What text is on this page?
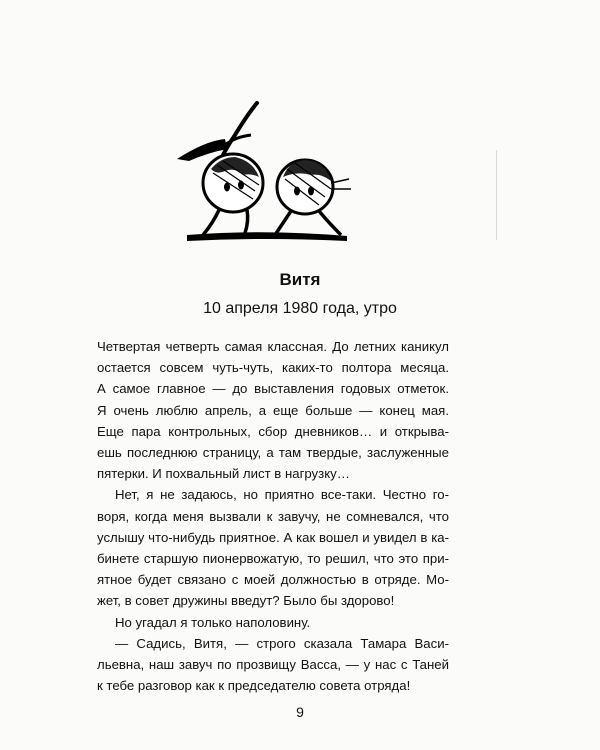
Витя
10 апреля 1980 года, утро
Четвертая четверть самая классная. До летних каникул
остается совсем чуть-чуть, каких-то полтора месяца.
А самое главное — до выставления годовых отметок.
Я очень люблю апрель, а еще больше — конец мая.
Еще пара контрольных, сбор дневников… и открыва-
ешь последнюю страницу, а там твердые, заслуженные
пятерки. И похвальный лист в нагрузку…
Нет, я не задаюсь, но приятно все-таки. Честно го-
воря, когда меня вызвали к завучу, не сомневался, что
услышу что-нибудь приятное. А как вошел и увидел в ка-
бинете старшую пионервожатую, то решил, что это при-
ятное будет связано с моей должностью в отряде. Мо-
жет, в совет дружины введут? Было бы здорово!
Но угадал я только наполовину.
— Садись, Витя, — строго сказала Тамара Васи-
льевна, наш завуч по прозвищу Васса, — у нас с Таней
к тебе разговор как к председателю совета отряда!
9
